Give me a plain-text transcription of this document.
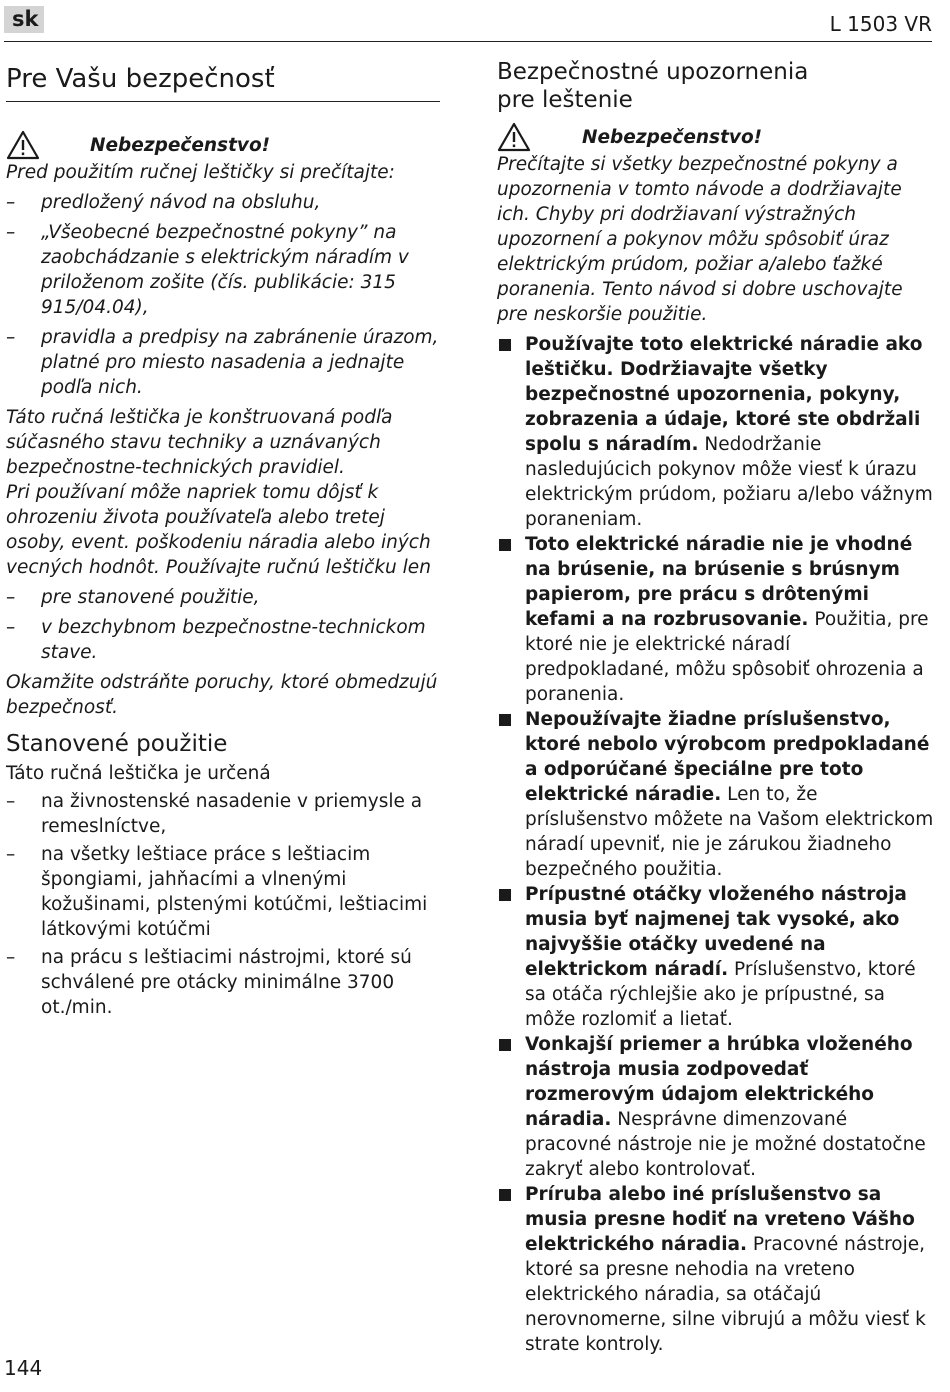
sk	L 1503 VR
Pre Vašu bezpečnosť
Nebezpečenstvo!

Pred použitím ručnej leštičky si prečítajte:

– predložený návod na obsluhu,
– „Všeobecné bezpečnostné pokyny” na zaobchádzanie s elektrickým náradím v priloženom zošite (čís. publikácie: 315 915/04.04),
– pravidla a predpisy na zabránenie úrazom, platné pro miesto nasadenia a jednajte podľa nich.

Táto ručná leštička je konštruovaná podľa súčasného stavu techniky a uznávaných bezpečnostne-technických pravidiel.

Pri používaní môže napriek tomu dôjsť k ohrozeniu života používateľa alebo tretej osoby, event. poškodeniu náradia alebo iných vecných hodnôt. Používajte ručnú leštičku len

– pre stanovené použitie,
– v bezchybnom bezpečnostne-technickom stave.

Okamžite odstráňte poruchy, ktoré obmedzujú bezpečnosť.

Stanovené použitie

Táto ručná leštička je určená

– na živnostenské nasadenie v priemysle a remeslníctve,
– na všetky leštiace práce s leštiacim špongiami, jahňacími a vlnenými kožušinami, plstenými kotúčmi, leštiacimi látkovými kotúčmi
– na prácu s leštiacimi nástrojmi, ktoré sú schválené pre otácky minimálne 3700 ot./min.
Bezpečnostné upozornenia
pre leštenie
Nebezpečenstvo!

Prečítajte si všetky bezpečnostné pokyny a upozornenia v tomto návode a dodržiavajte ich. Chyby pri dodržiavaní výstražných upozornení a pokynov môžu spôsobiť úraz elektrickým prúdom, požiar a/alebo ťažké poranenia. Tento návod si dobre uschovajte pre neskoršie použitie.

Používajte toto elektrické náradie ako leštičku. Dodržiavajte všetky bezpečnostné upozornenia, pokyny, zobrazenia a údaje, ktoré ste obdržali spolu s náradím. Nedodržanie nasledujúcich pokynov môže viesť k úrazu elektrickým prúdom, požiaru a/lebo vážnym poraneniam.
Toto elektrické náradie nie je vhodné na brúsenie, na brúsenie s brúsnym papierom, pre prácu s drôtenými kefami a na rozbrusovanie. Použitia, pre ktoré nie je elektrické náradí predpokladané, môžu spôsobiť ohrozenia a poranenia.
Nepoužívajte žiadne príslušenstvo, ktoré nebolo výrobcom predpokladané a odporúčané špeciálne pre toto elektrické náradie. Len to, že príslušenstvo môžete na Vašom elektrickom náradí upevniť, nie je zárukou žiadneho bezpečného použitia.
Prípustné otáčky vloženého nástroja musia byť najmenej tak vysoké, ako najvyššie otáčky uvedené na elektrickom náradí. Príslušenstvo, ktoré sa otáča rýchlejšie ako je prípustné, sa môže rozlomiť a lietať.
Vonkajší priemer a hrúbka vloženého nástroja musia zodpovedať rozmerovým údajom elektrického náradia. Nesprávne dimenzované pracovné nástroje nie je možné dostatočne zakryť alebo kontrolovať.
Príruba alebo iné príslušenstvo sa musia presne hodiť na vreteno Vášho elektrického náradia. Pracovné nástroje, ktoré sa presne nehodia na vreteno elektrického náradia, sa otáčajú nerovnomerne, silne vibrujú a môžu viesť k strate kontroly.
144
